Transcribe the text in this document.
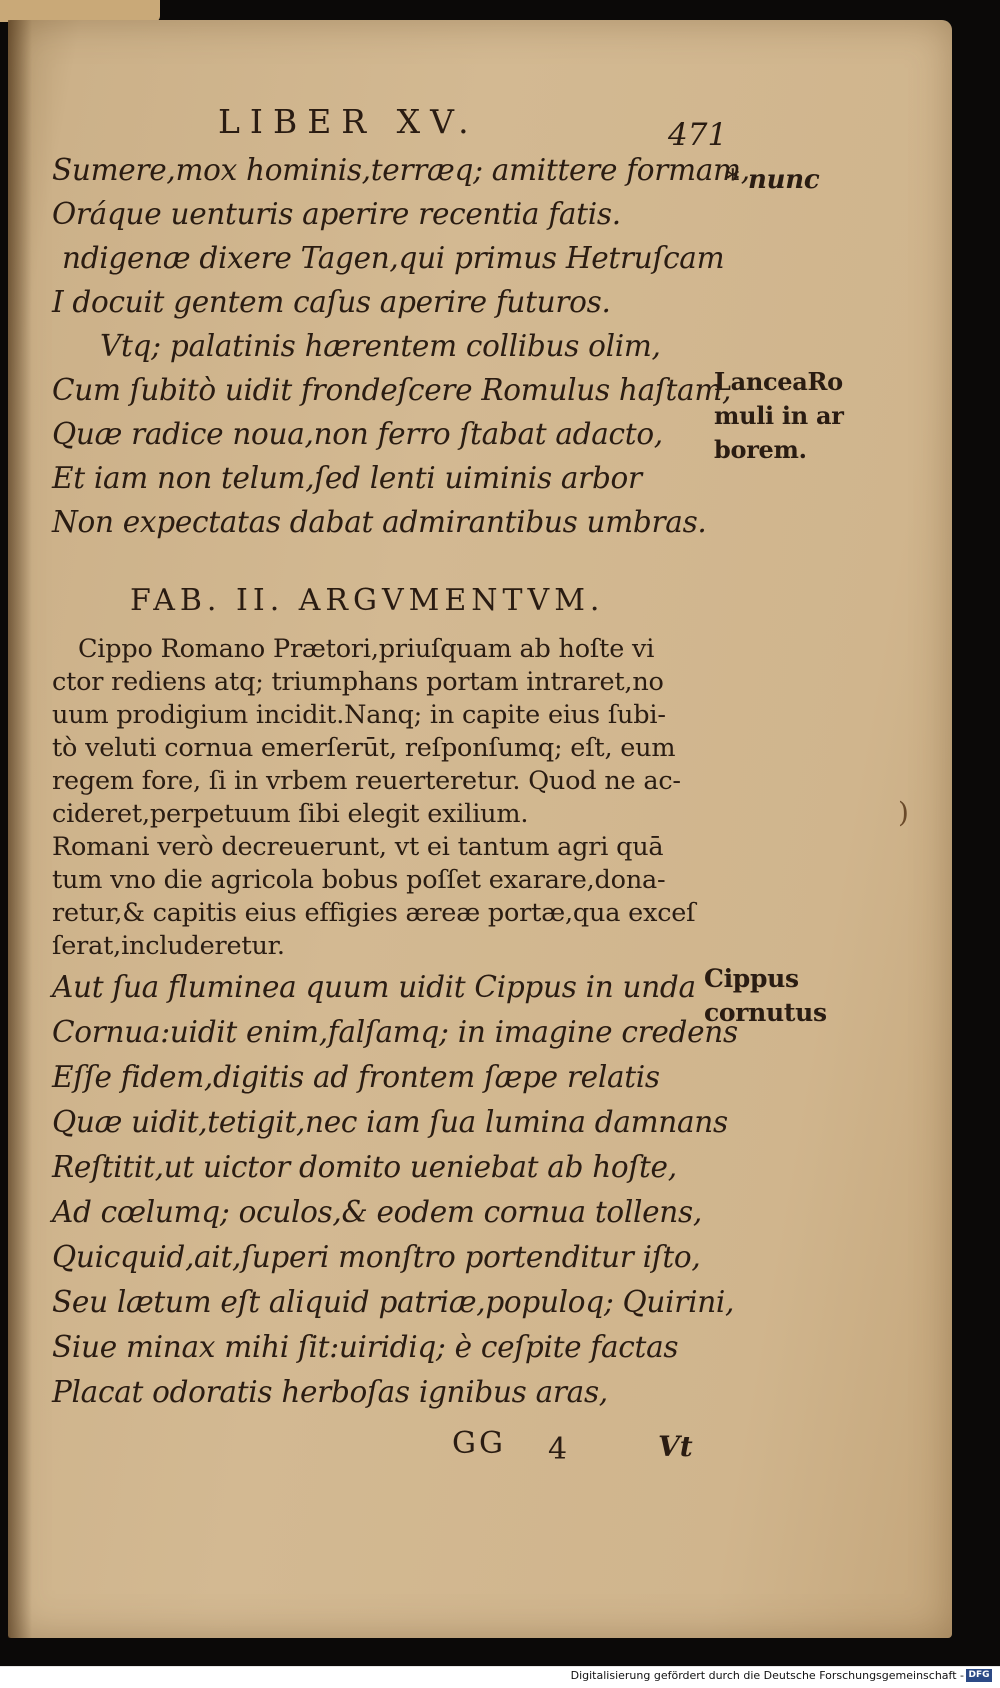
LIBER XV.	471
Sumere,mox hominis,terræq; amittere formam,
Oráque uenturis aperire recentia fatis.
ndigenæ dixere Tagen,qui primus Hetruſcam
I docuit gentem caſus aperire futuros.
Vtq; palatinis hærentem collibus olim,
Cum ſubitò uidit frondeſcere Romulus haſtam,
Quæ radice noua,non ferro ſtabat adacto,
Et iam non telum,ſed lenti uiminis arbor
Non expectatas dabat admirantibus umbras.
* nunc
LanceaRo
muli in ar
borem.
FAB. II. ARGVMENTVM.
Cippo Romano Prætori,priuſquam ab hoſte vi
ctor rediens atq; triumphans portam intraret,no
uum prodigium incidit.Nanq; in capite eius ſubi-
tò veluti cornua emerſerūt, reſponſumq; eſt, eum
regem fore, ſi in vrbem reuerteretur. Quod ne ac-
cideret,perpetuum ſibi elegit exilium.
Romani verò decreuerunt, vt ei tantum agri quā
tum vno die agricola bobus poſſet exarare,dona-
retur,& capitis eius effigies æreæ portæ,qua exceſ
ſerat,includeretur.
)
Aut ſua fluminea quum uidit Cippus in unda
Cornua:uidit enim,falſamq; in imagine credens
Eſſe fidem,digitis ad frontem ſæpe relatis
Quæ uidit,tetigit,nec iam ſua lumina damnans
Reſtitit,ut uictor domito ueniebat ab hoſte,
Ad cœlumq; oculos,& eodem cornua tollens,
Quicquid,ait,ſuperi monſtro portenditur iſto,
Seu lætum eſt aliquid patriæ,populoq; Quirini,
Siue minax mihi ſit:uiridiq; è ceſpite factas
Placat odoratis herboſas ignibus aras,
Cippus
cornutus
GG 4	Vt
Digitalisierung gefördert durch die Deutsche Forschungsgemeinschaft - DFG
